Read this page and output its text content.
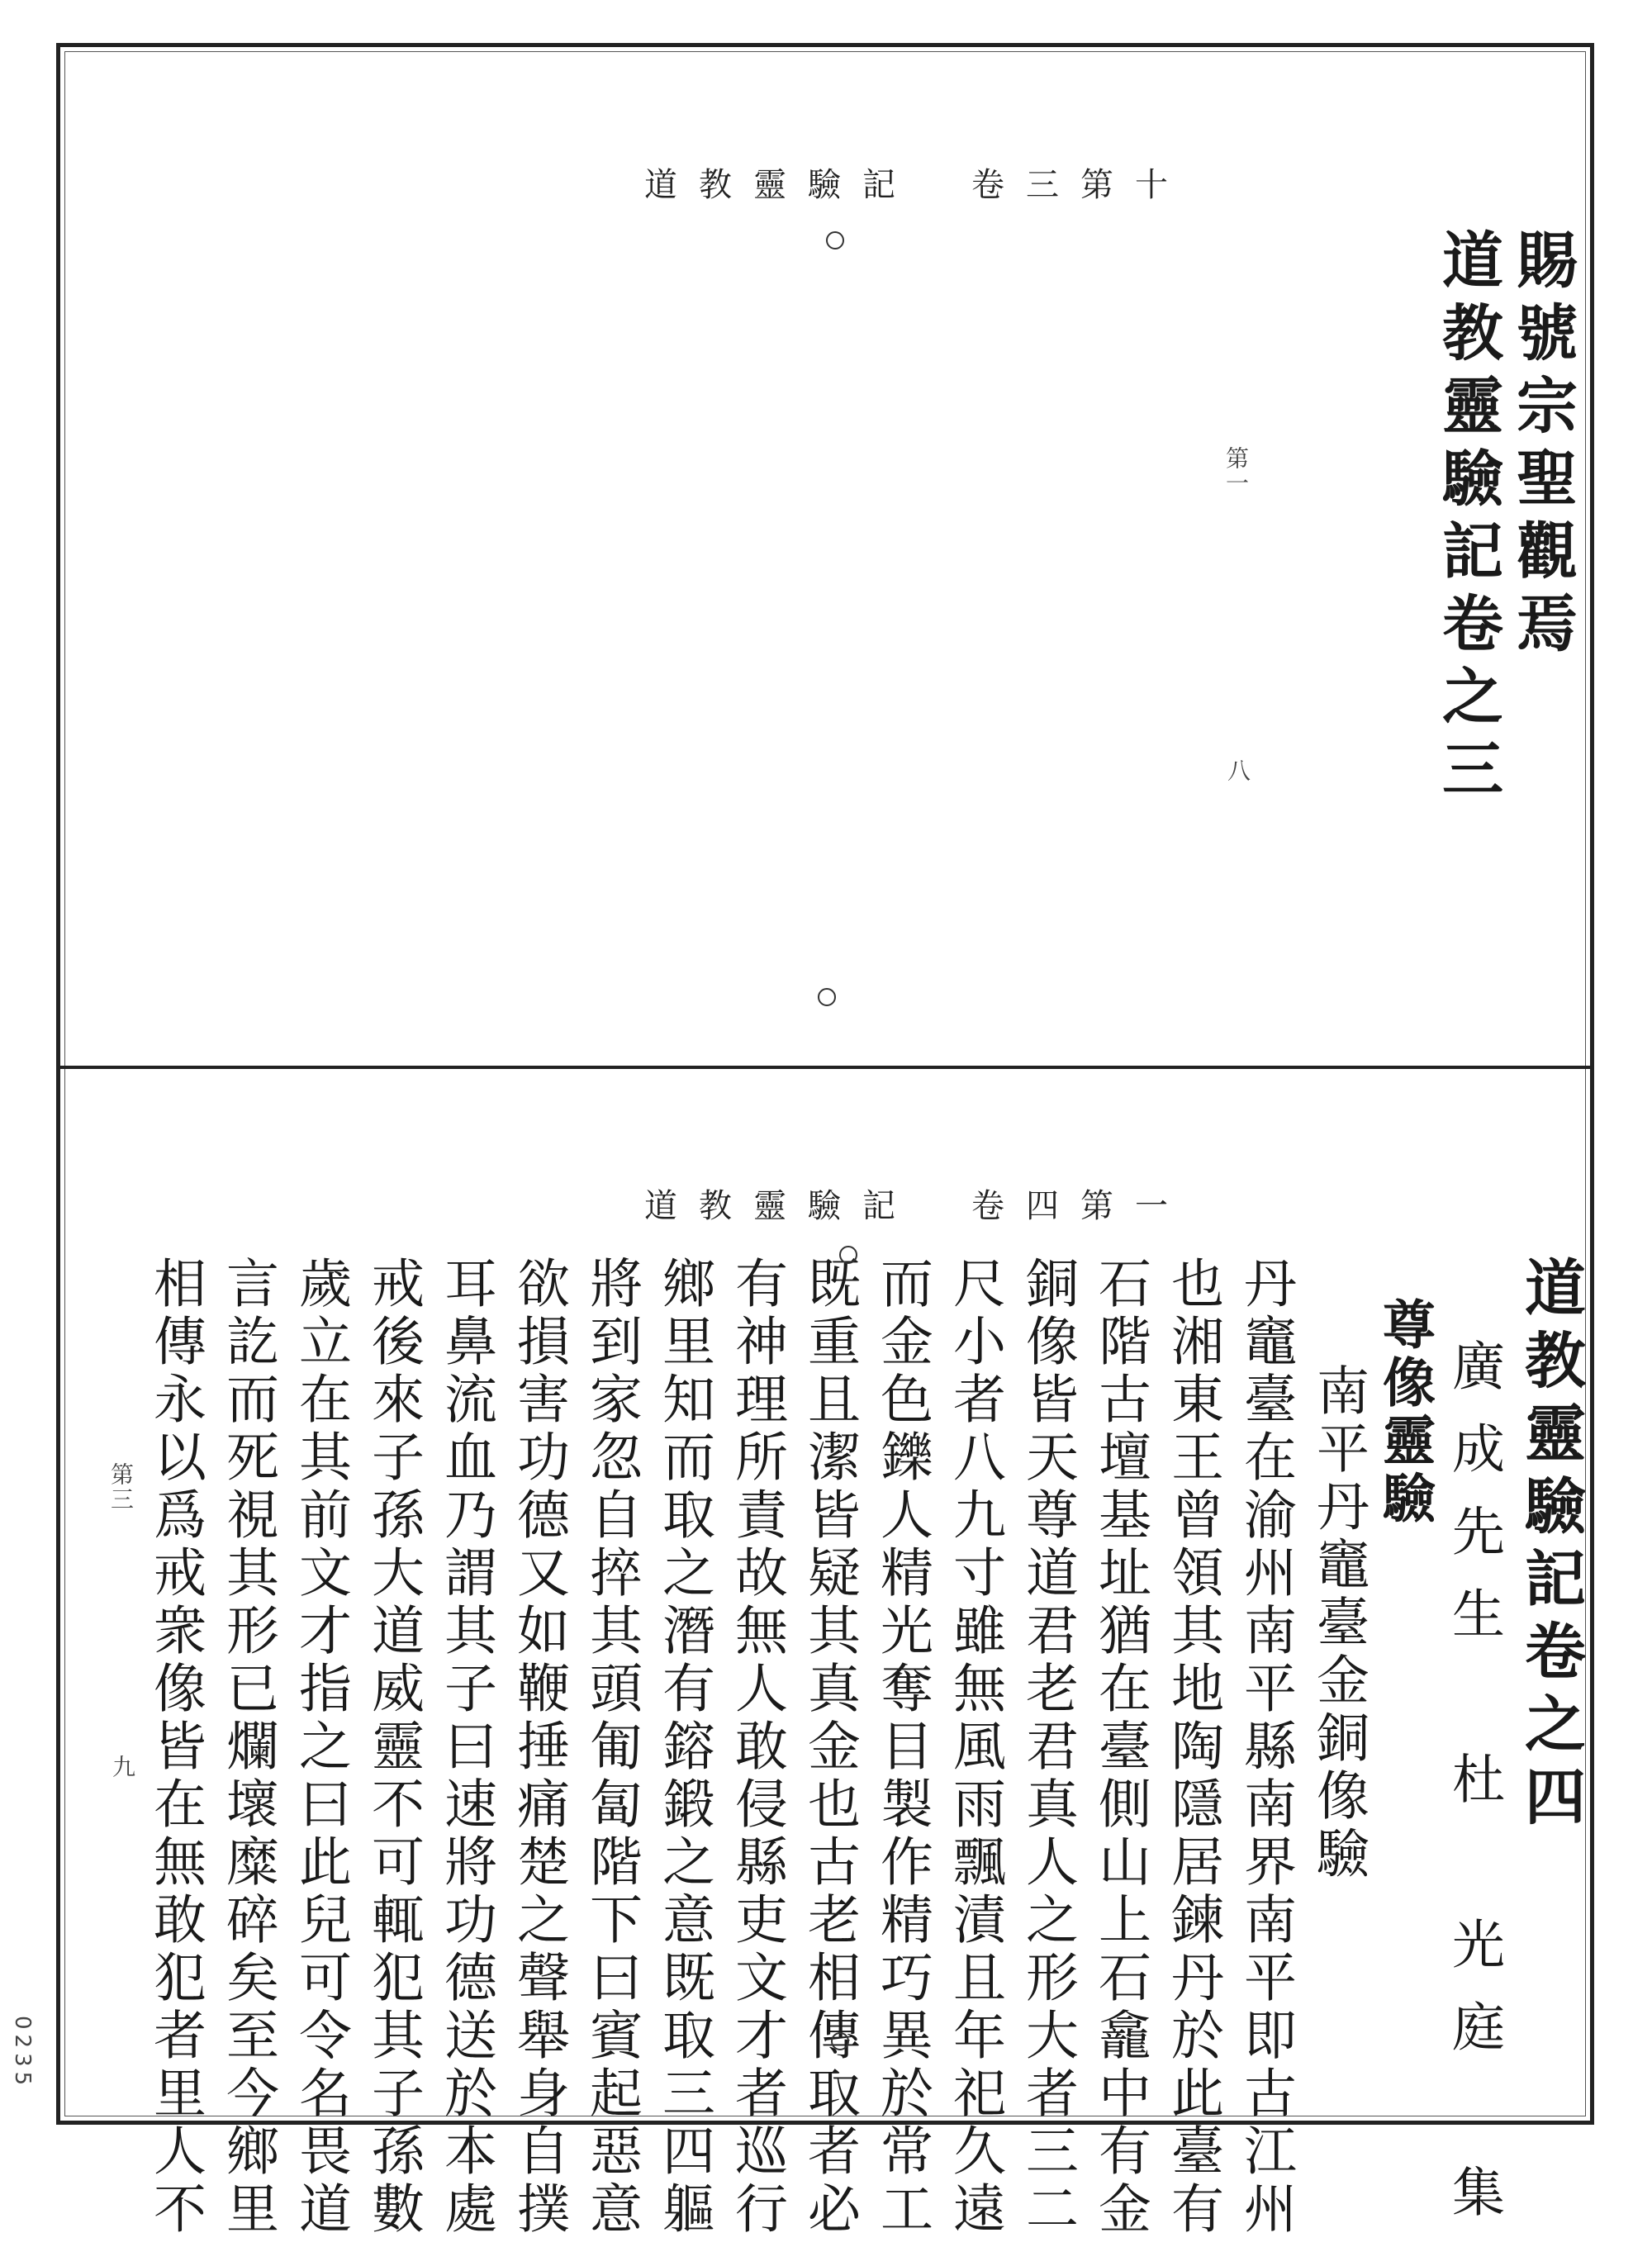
道教靈驗記　卷三第十
賜號宗聖觀焉
道教靈驗記卷之三
第一
八
道教靈驗記　卷四第一
道教靈驗記卷之四
廣成先生　杜　光庭　集
尊像靈驗
南平丹竈臺金銅像驗
丹竈臺在渝州南平縣南界南平即古江州
也湘東王曾領其地陶隱居鍊丹於此臺有
石階古壇基址猶在臺側山上石龕中有金
銅像皆天尊道君老君真人之形大者三二
尺小者八九寸雖無風雨飄漬且年祀久遠
而金色鑠人精光奪目製作精巧異於常工
既重且潔皆疑其真金也古老相傳取者必
有神理所責故無人敢侵縣吏文才者巡行
鄉里知而取之潛有鎔鍛之意既取三四軀
將到家忽自捽其頭匍匐階下曰賓起惡意
欲損害功德又如鞭捶痛楚之聲舉身自撲
耳鼻流血乃謂其子曰速將功德送於本處
戒後來子孫大道威靈不可輒犯其子孫數
歲立在其前文才指之曰此兒可令名畏道
言訖而死視其形已爛壞糜碎矣至今鄉里
相傳永以爲戒衆像皆在無敢犯者里人不
第三
九
0235
